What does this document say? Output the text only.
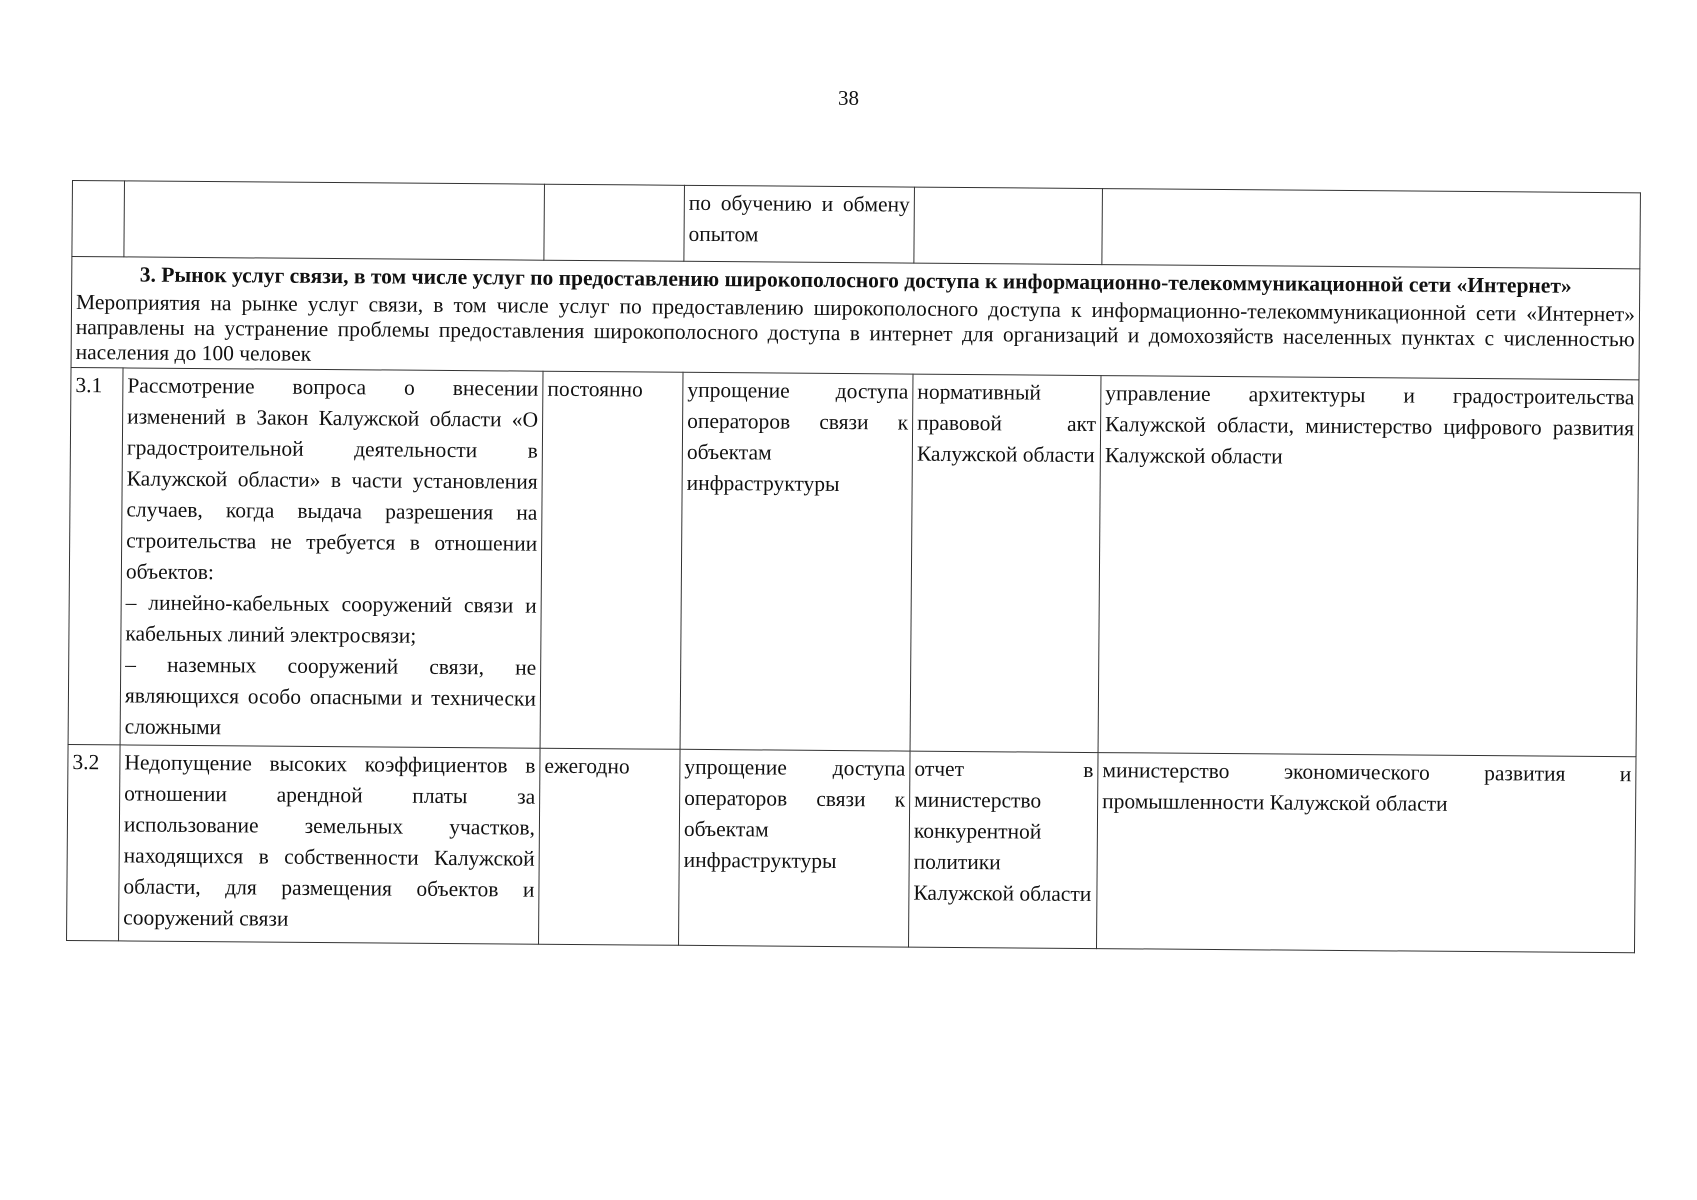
38
			по обучению и обмену опытом		

3. Рынок услуг связи, в том числе услуг по предоставлению широкополосного доступа к информационно-телекоммуникационной сети «Интернет»
Мероприятия на рынке услуг связи, в том числе услуг по предоставлению широкополосного доступа к информационно-телекоммуникационной сети «Интернет» направлены на устранение проблемы предоставления широкополосного доступа в интернет для организаций и домохозяйств населенных пунктах с численностью населения до 100 человек					

3.1	Рассмотрение вопроса о внесении изменений в Закон Калужской области «О градостроительной деятельности в Калужской области» в части установления случаев, когда выдача разрешения на строительства не требуется в отношении объектов:
– линейно-кабельных сооружений связи и кабельных линий электросвязи;
– наземных сооружений связи, не являющихся особо опасными и технически сложными	постоянно	упрощение доступа операторов связи к объектам инфраструктуры	нормативный правовой акт Калужской области	управление архитектуры и градостроительства Калужской области, министерство цифрового развития Калужской области
3.2	Недопущение высоких коэффициентов в отношении арендной платы за использование земельных участков, находящихся в собственности Калужской области, для размещения объектов и сооружений связи	ежегодно	упрощение доступа операторов связи к объектам инфраструктуры	отчет в министерство конкурентной политики Калужской области	министерство экономического развития и промышленности Калужской области
